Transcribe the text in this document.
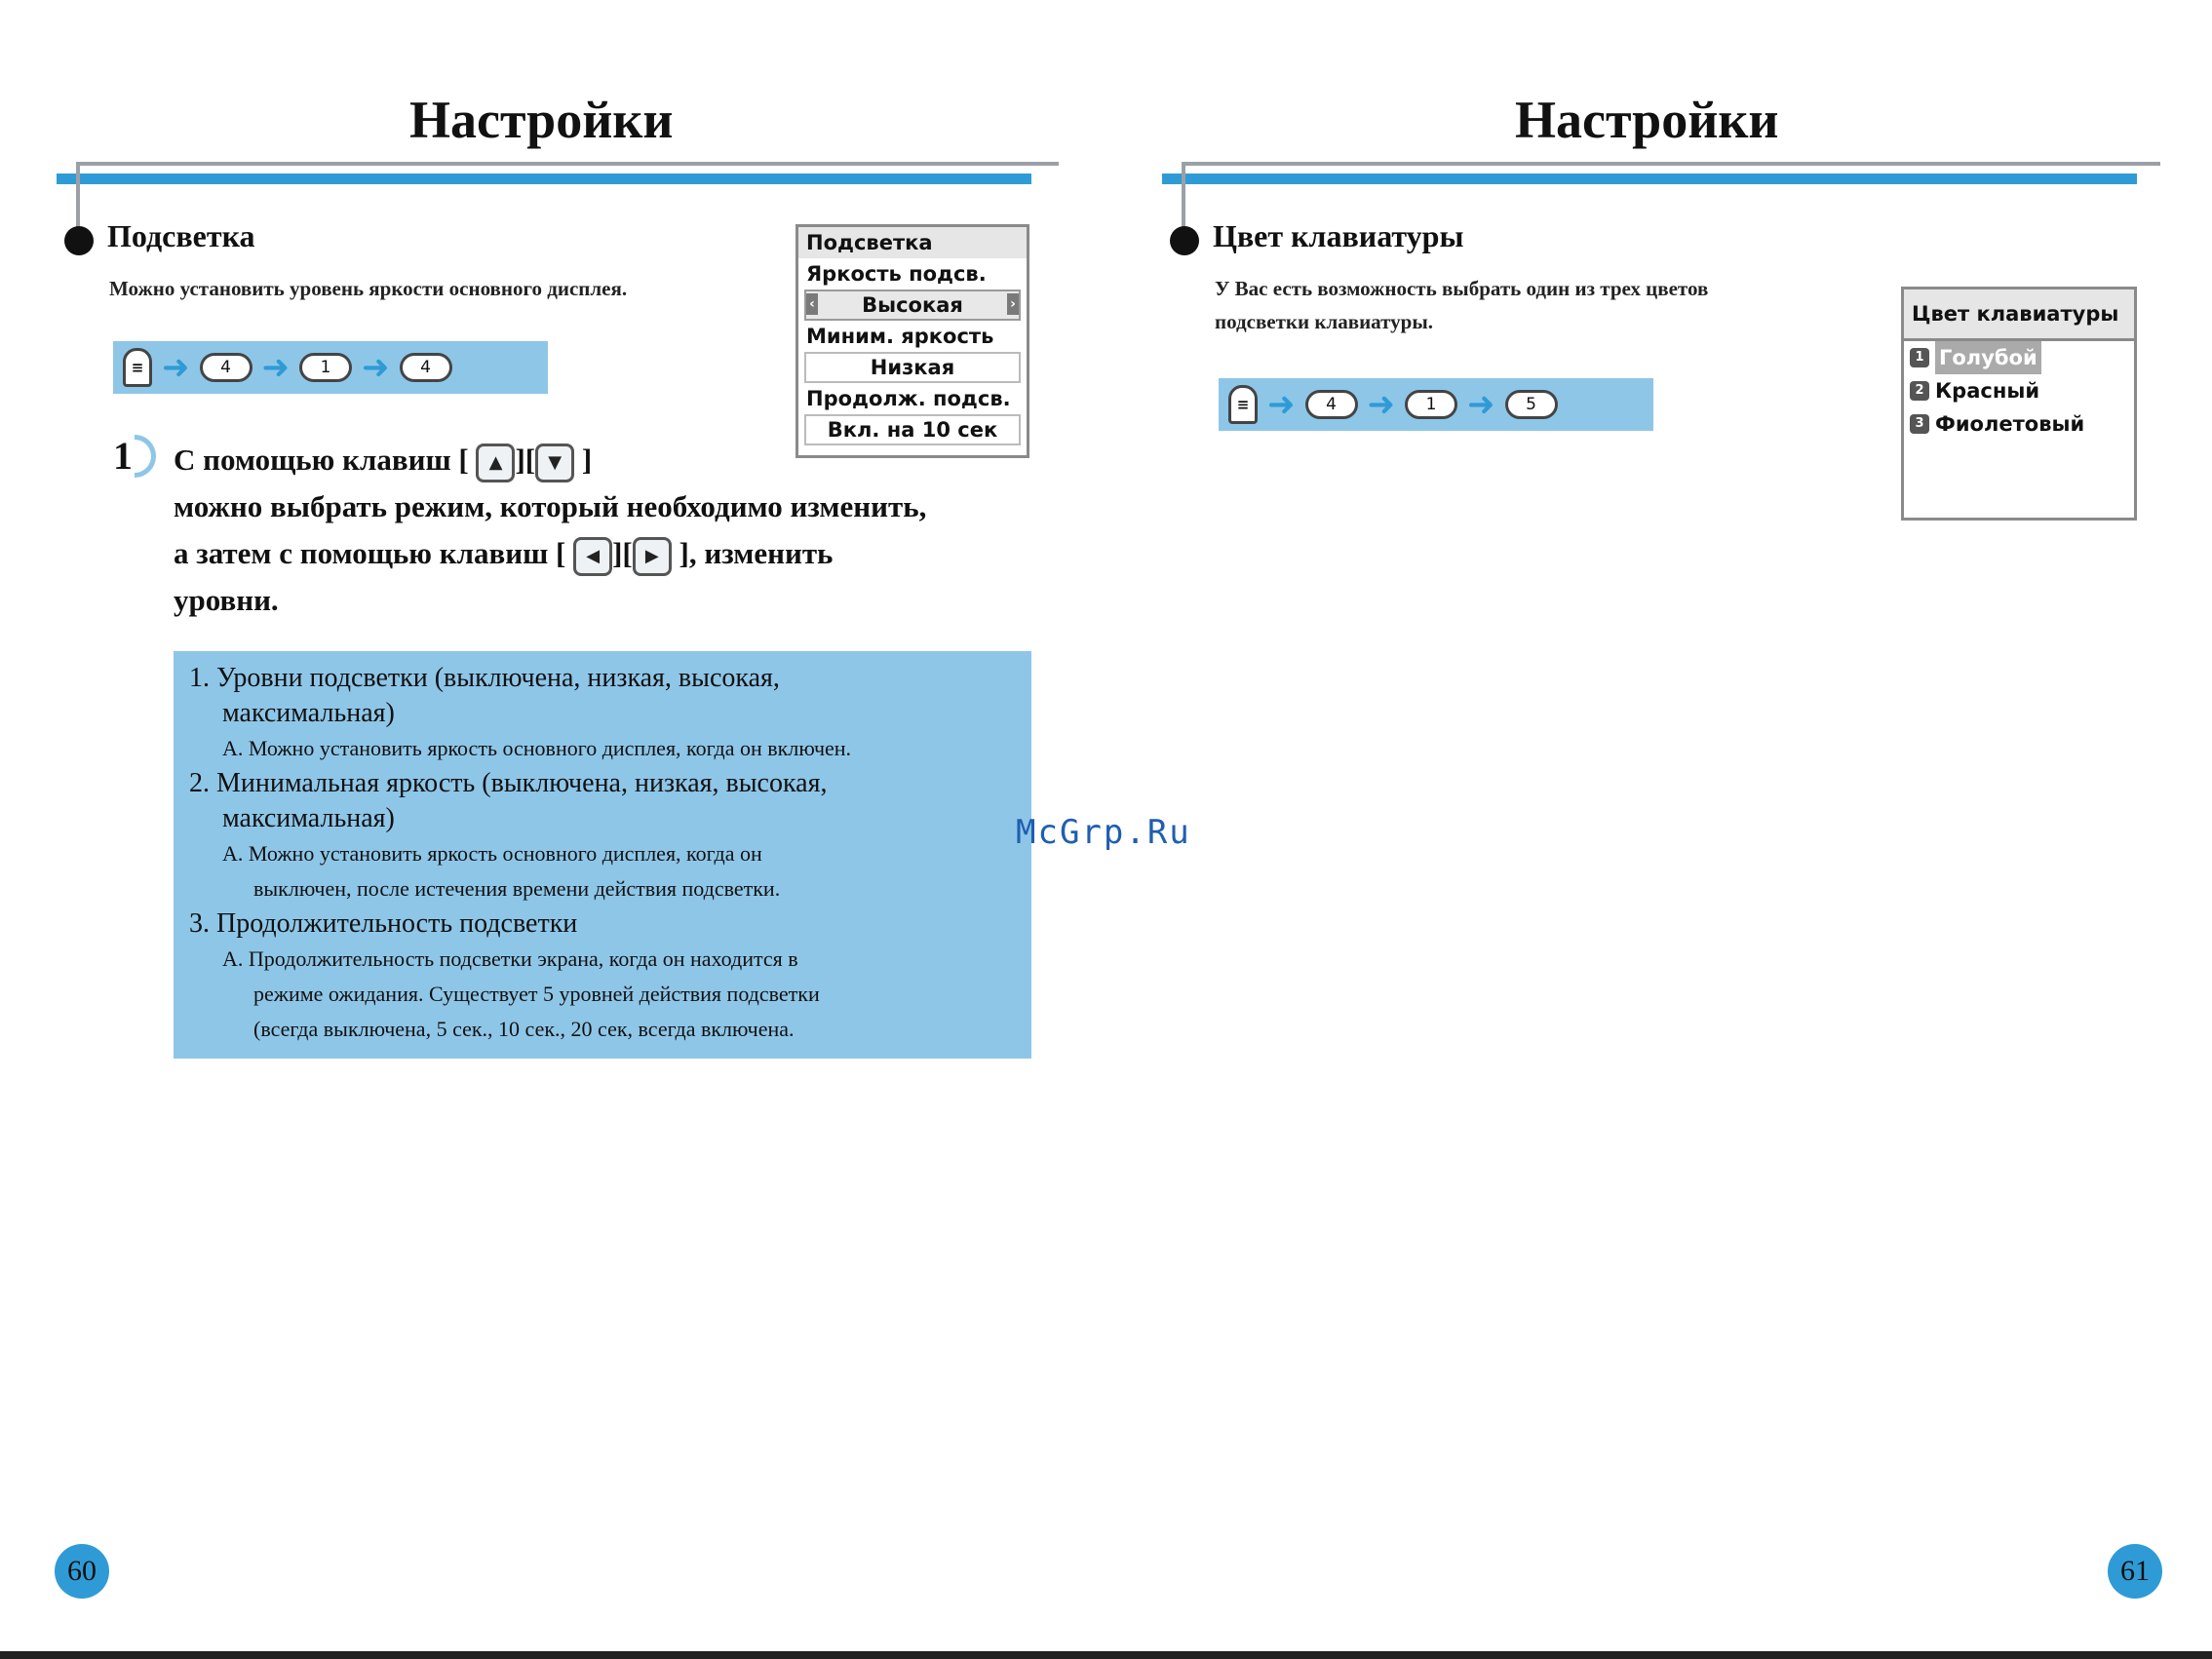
Настройки
Подсветка
Можно установить уровень яркости основного дисплея.
≡ ➜	4 ➜	1 ➜	4
Подсветка
Яркость подсв.
‹ Высокая	›
Миним. яркость
Низкая
Продолж. подсв.
Вкл. на 10 сек
1 С помощью клавиш [ ▲ ][ ▼ ]
можно выбрать режим, который необходимо изменить,
а затем с помощью клавиш [ ◀ ][ ▶ ], изменить
уровни.
1. Уровни подсветки (выключена, низкая, высокая,
максимальная)
A. Можно установить яркость основного дисплея, когда он включен.
2. Минимальная яркость (выключена, низкая, высокая,
максимальная)
A. Можно установить яркость основного дисплея, когда он
выключен, после истечения времени действия подсветки.
3. Продолжительность подсветки
A. Продолжительность подсветки экрана, когда он находится в
режиме ожидания. Существует 5 уровней действия подсветки
(всегда выключена, 5 сек., 10 сек., 20 сек, всегда включена.
60
McGrp.Ru
Настройки
Цвет клавиатуры
У Вас есть возможность выбрать один из трех цветов
подсветки клавиатуры.
≡ ➜	4 ➜	1 ➜	5
Цвет клавиатуры
1 Голубой
2 Красный
3 Фиолетовый
61
